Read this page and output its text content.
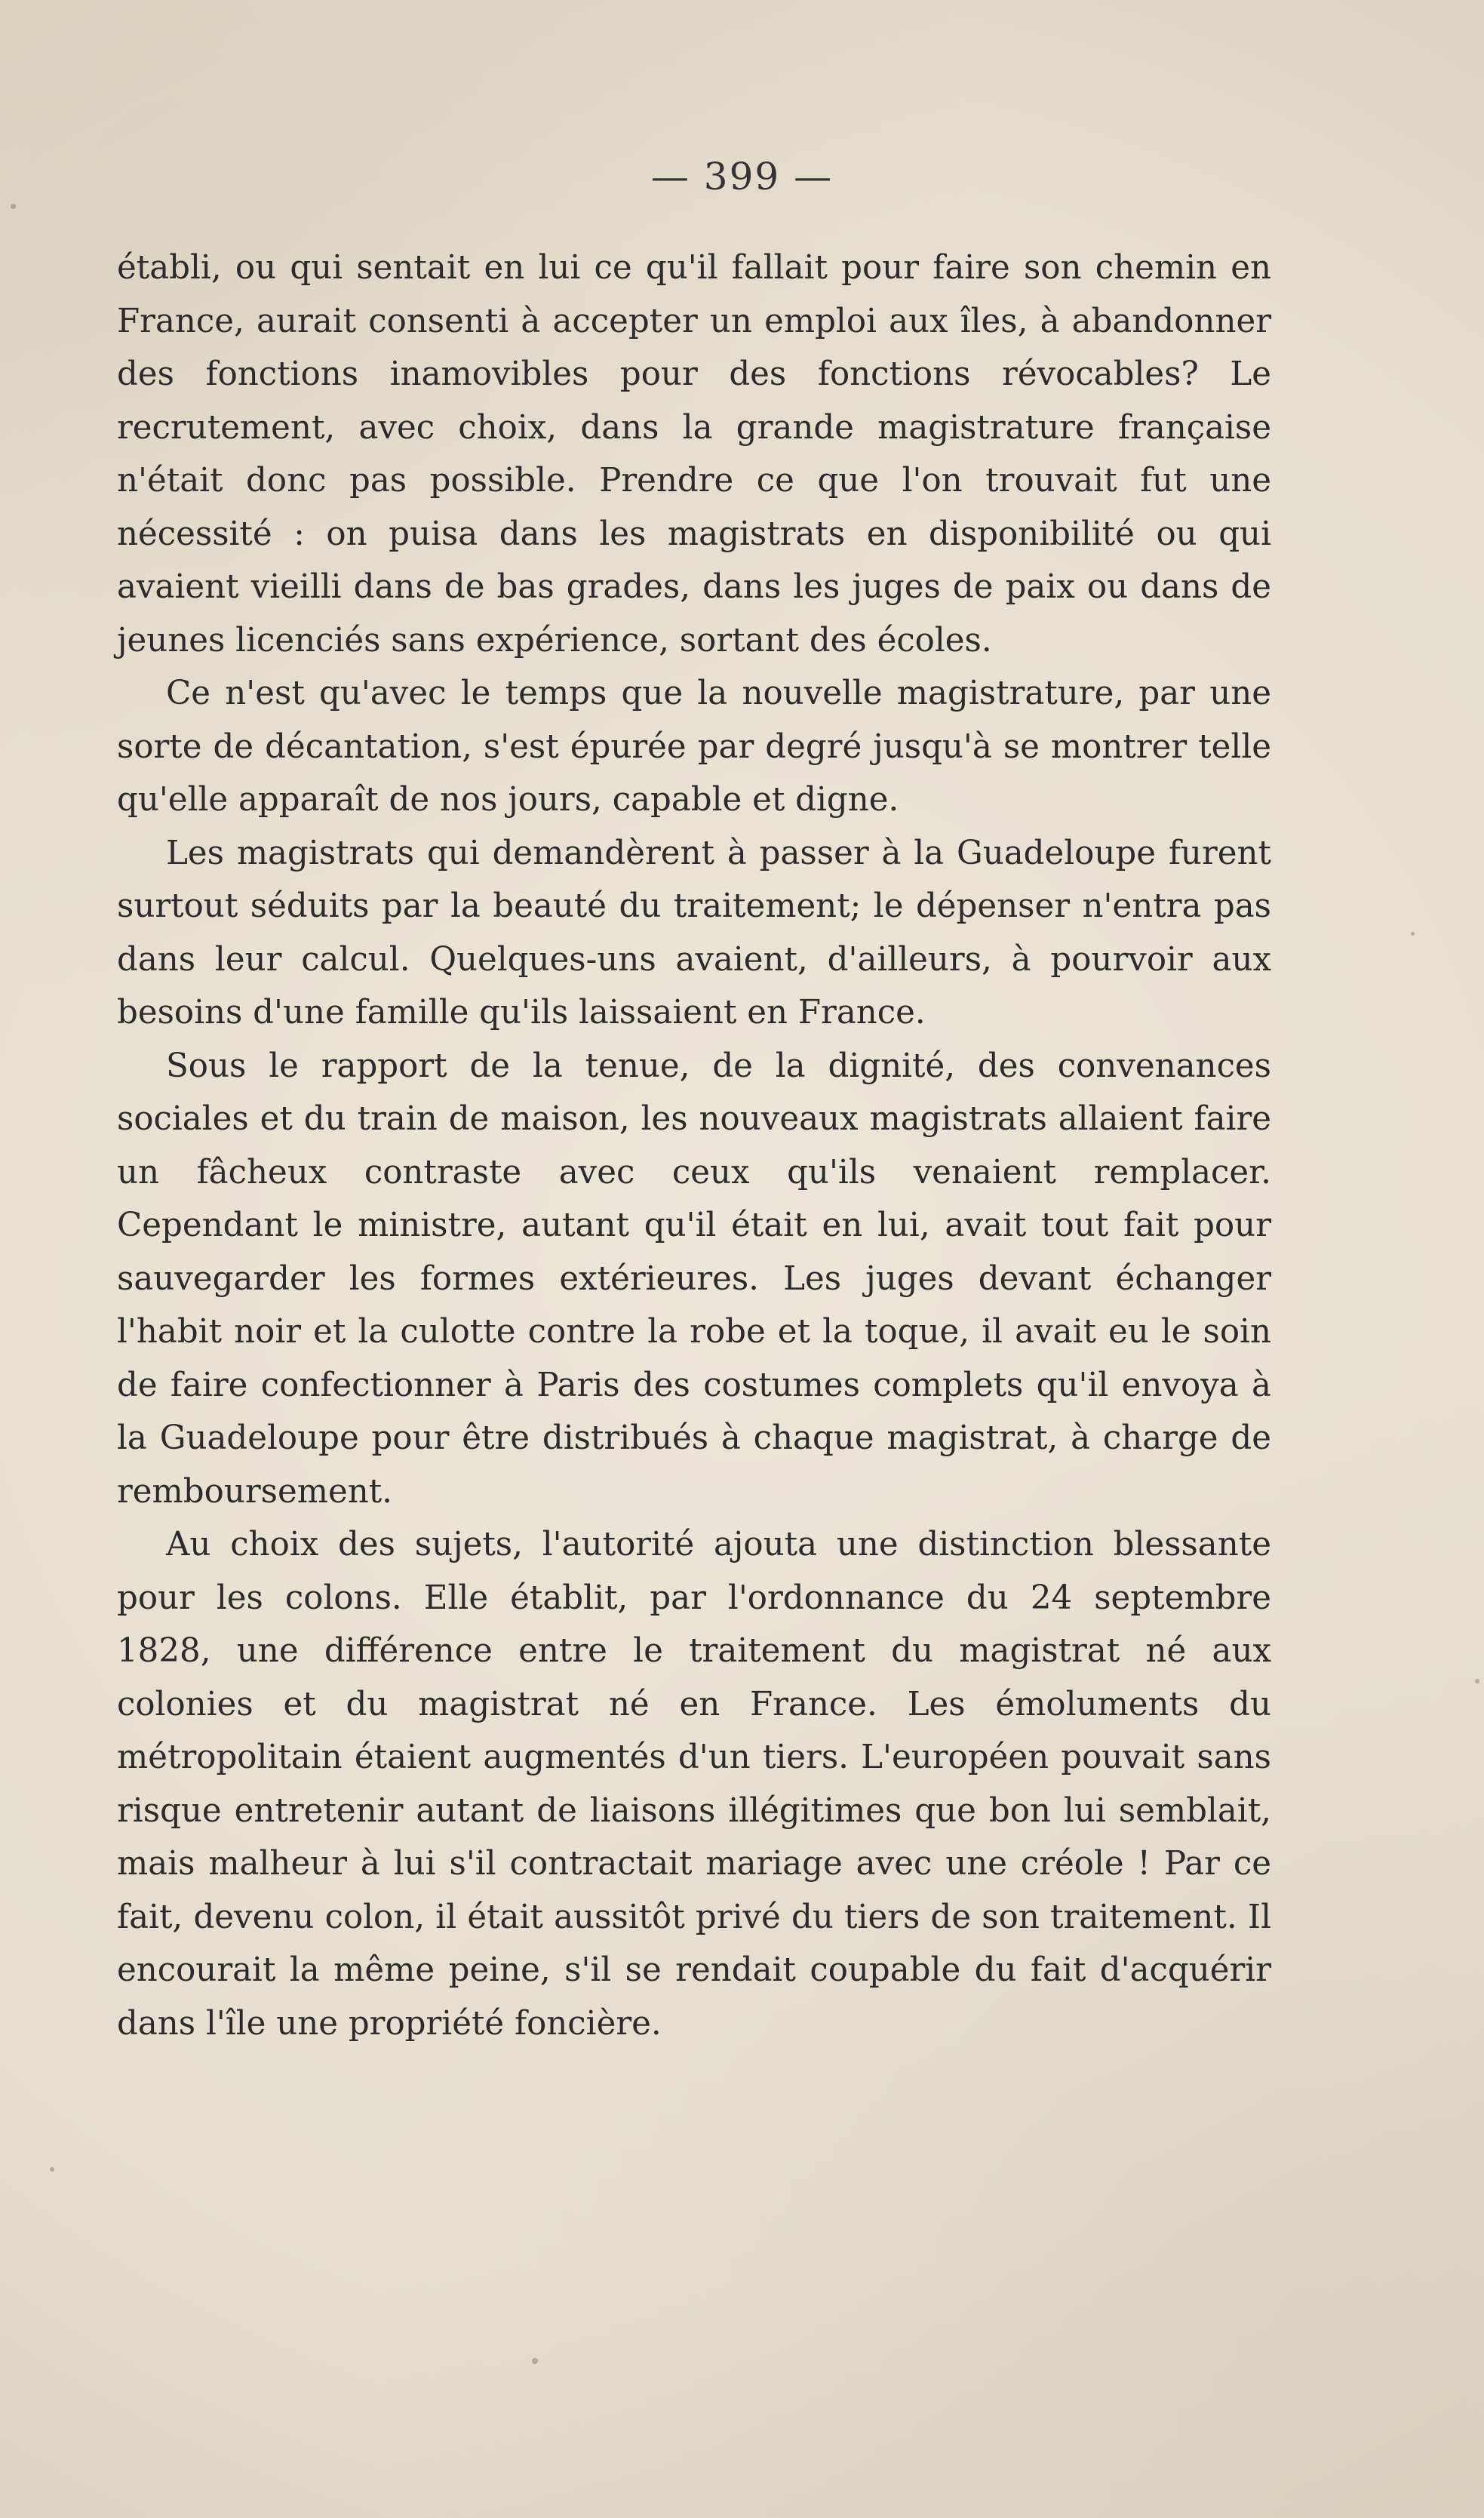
— 399 —

établi, ou qui sentait en lui ce qu'il fallait pour faire son chemin en France, aurait consenti à accepter un emploi aux îles, à abandonner des fonctions inamovibles pour des fonctions révocables? Le recrutement, avec choix, dans la grande magistrature française n'était donc pas possible. Prendre ce que l'on trouvait fut une nécessité : on puisa dans les magistrats en disponibilité ou qui avaient vieilli dans de bas grades, dans les juges de paix ou dans de jeunes licenciés sans expérience, sortant des écoles.

Ce n'est qu'avec le temps que la nouvelle magistrature, par une sorte de décantation, s'est épurée par degré jusqu'à se montrer telle qu'elle apparaît de nos jours, capable et digne.

Les magistrats qui demandèrent à passer à la Guadeloupe furent surtout séduits par la beauté du traitement; le dépenser n'entra pas dans leur calcul. Quelques-uns avaient, d'ailleurs, à pourvoir aux besoins d'une famille qu'ils laissaient en France.

Sous le rapport de la tenue, de la dignité, des convenances sociales et du train de maison, les nouveaux magistrats allaient faire un fâcheux contraste avec ceux qu'ils venaient remplacer. Cependant le ministre, autant qu'il était en lui, avait tout fait pour sauvegarder les formes extérieures. Les juges devant échanger l'habit noir et la culotte contre la robe et la toque, il avait eu le soin de faire confectionner à Paris des costumes complets qu'il envoya à la Guadeloupe pour être distribués à chaque magistrat, à charge de remboursement.

Au choix des sujets, l'autorité ajouta une distinction blessante pour les colons. Elle établit, par l'ordonnance du 24 septembre 1828, une différence entre le traitement du magistrat né aux colonies et du magistrat né en France. Les émoluments du métropolitain étaient augmentés d'un tiers. L'européen pouvait sans risque entretenir autant de liaisons illégitimes que bon lui semblait, mais malheur à lui s'il contractait mariage avec une créole ! Par ce fait, devenu colon, il était aussitôt privé du tiers de son traitement. Il encourait la même peine, s'il se rendait coupable du fait d'acquérir dans l'île une propriété foncière.
